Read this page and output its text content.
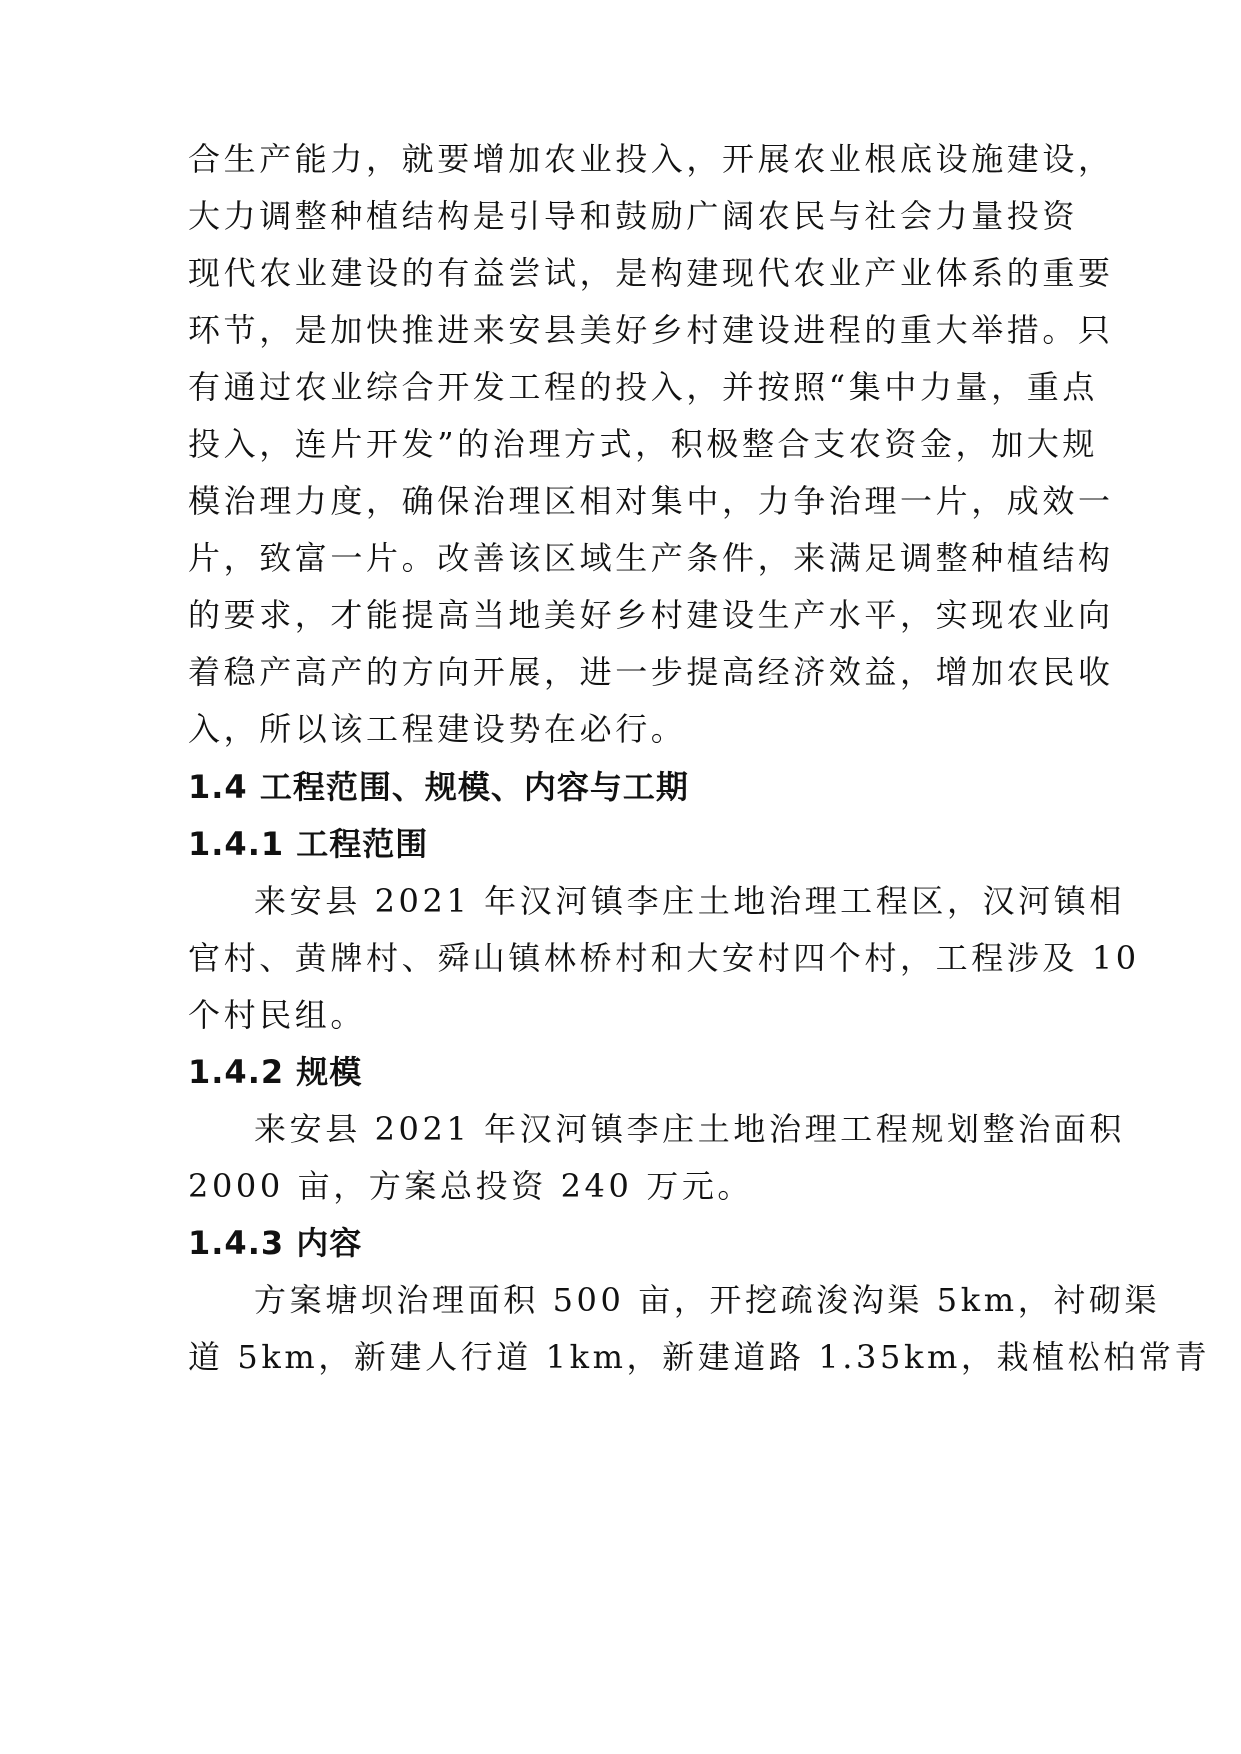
合生产能力，就要增加农业投入，开展农业根底设施建设，
大力调整种植结构是引导和鼓励广阔农民与社会力量投资
现代农业建设的有益尝试，是构建现代农业产业体系的重要
环节，是加快推进来安县美好乡村建设进程的重大举措。只
有通过农业综合开发工程的投入，并按照“集中力量，重点
投入，连片开发”的治理方式，积极整合支农资金，加大规
模治理力度，确保治理区相对集中，力争治理一片，成效一
片，致富一片。改善该区域生产条件，来满足调整种植结构
的要求，才能提高当地美好乡村建设生产水平，实现农业向
着稳产高产的方向开展，进一步提高经济效益，增加农民收
入，所以该工程建设势在必行。
1.4 工程范围、规模、内容与工期
1.4.1 工程范围
来安县 2021 年汉河镇李庄土地治理工程区，汉河镇相
官村、黄牌村、舜山镇林桥村和大安村四个村，工程涉及 10
个村民组。
1.4.2 规模
来安县 2021 年汉河镇李庄土地治理工程规划整治面积
2000 亩，方案总投资 240 万元。
1.4.3 内容
方案塘坝治理面积 500 亩，开挖疏浚沟渠 5km，衬砌渠
道 5km，新建人行道 1km，新建道路 1.35km，栽植松柏常青
